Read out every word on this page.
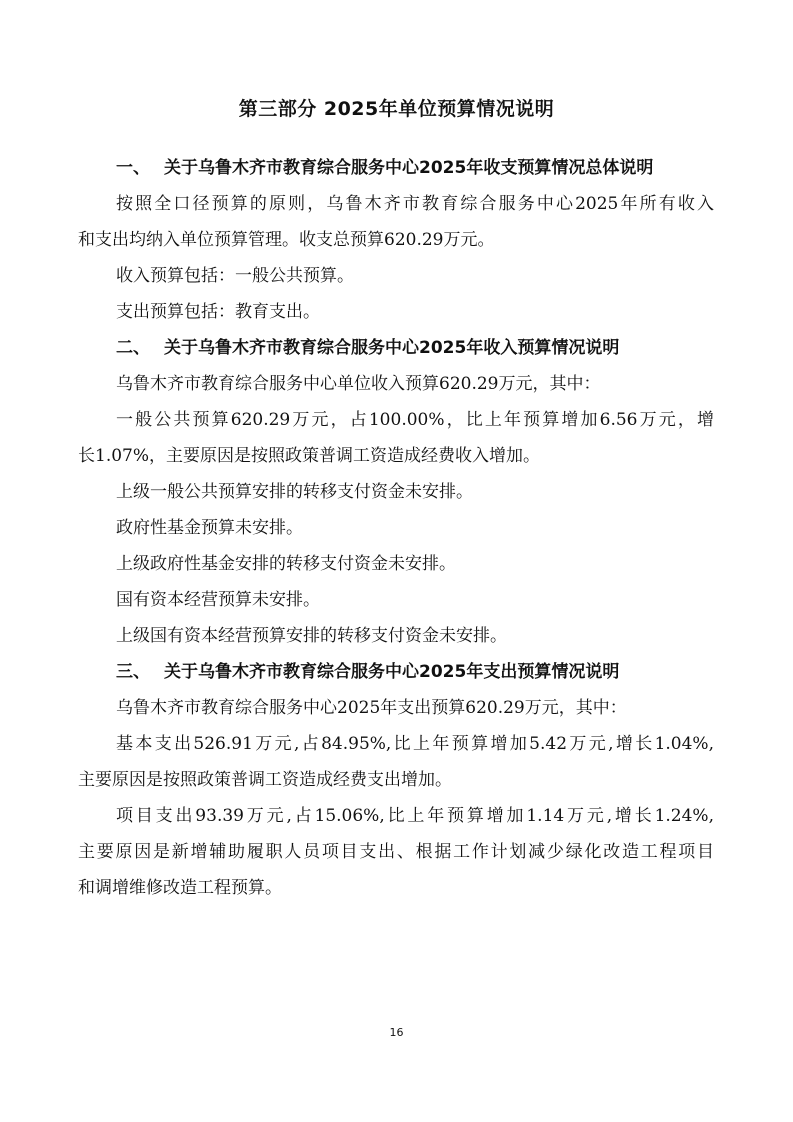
第三部分 2025年单位预算情况说明
一、 关于乌鲁木齐市教育综合服务中心2025年收支预算情况总体说明
按照全口径预算的原则，乌鲁木齐市教育综合服务中心2025年所有收入
和支出均纳入单位预算管理。收支总预算620.29万元。
收入预算包括：一般公共预算。
支出预算包括：教育支出。
二、 关于乌鲁木齐市教育综合服务中心2025年收入预算情况说明
乌鲁木齐市教育综合服务中心单位收入预算620.29万元，其中：
一般公共预算620.29万元，占100.00%，比上年预算增加6.56万元，增
长1.07%，主要原因是按照政策普调工资造成经费收入增加。
上级一般公共预算安排的转移支付资金未安排。
政府性基金预算未安排。
上级政府性基金安排的转移支付资金未安排。
国有资本经营预算未安排。
上级国有资本经营预算安排的转移支付资金未安排。
三、 关于乌鲁木齐市教育综合服务中心2025年支出预算情况说明
乌鲁木齐市教育综合服务中心2025年支出预算620.29万元，其中：
基本支出526.91万元,占84.95%,比上年预算增加5.42万元,增长1.04%,
主要原因是按照政策普调工资造成经费支出增加。
项目支出93.39万元,占15.06%,比上年预算增加1.14万元,增长1.24%,
主要原因是新增辅助履职人员项目支出、根据工作计划减少绿化改造工程项目
和调增维修改造工程预算。
16
